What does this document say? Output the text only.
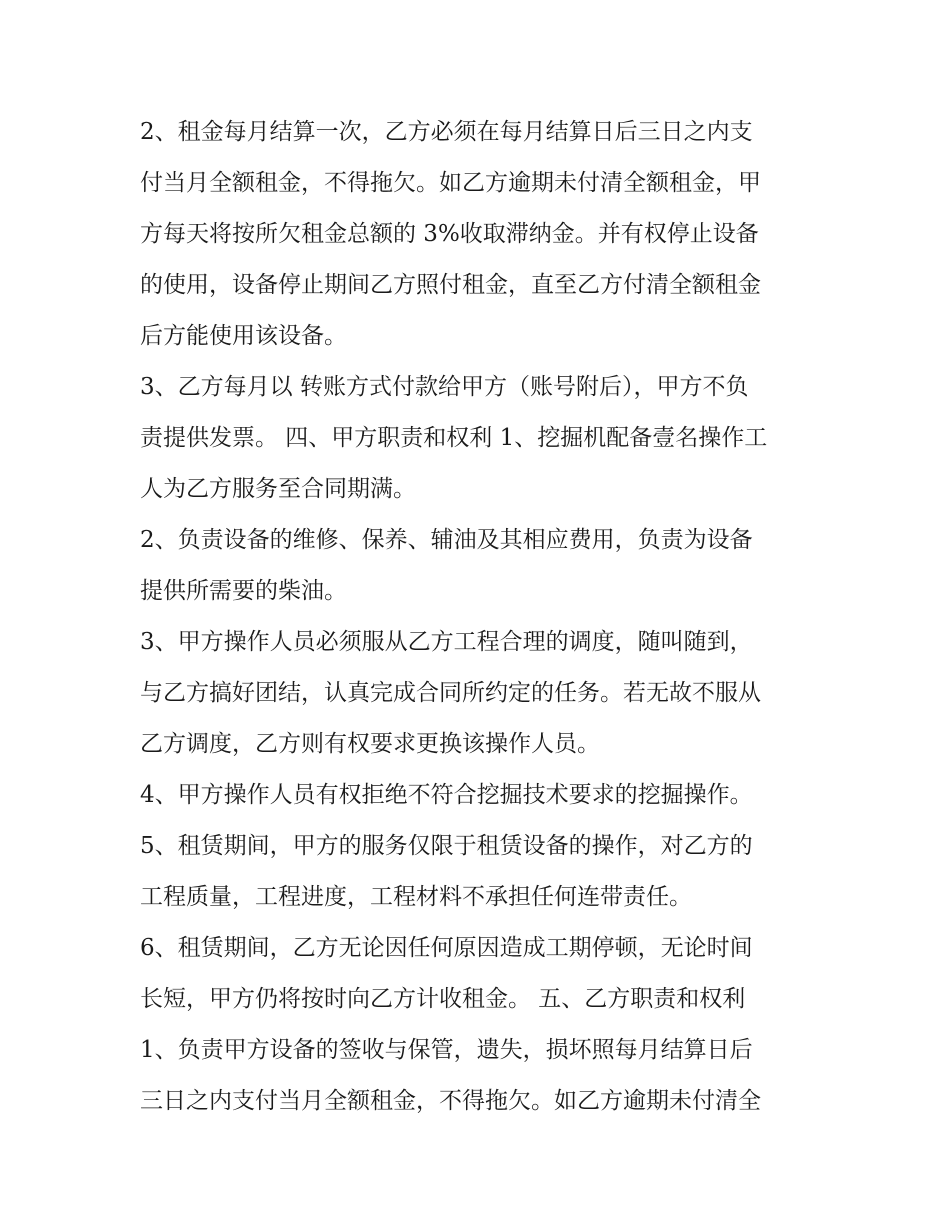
2、租金每月结算一次，乙方必须在每月结算日后三日之内支
付当月全额租金，不得拖欠。如乙方逾期未付清全额租金，甲
方每天将按所欠租金总额的 3%收取滞纳金。并有权停止设备
的使用，设备停止期间乙方照付租金，直至乙方付清全额租金
后方能使用该设备。
3、乙方每月以 转账方式付款给甲方（账号附后），甲方不负
责提供发票。 四、甲方职责和权利 1、挖掘机配备壹名操作工
人为乙方服务至合同期满。
2、负责设备的维修、保养、辅油及其相应费用，负责为设备
提供所需要的柴油。
3、甲方操作人员必须服从乙方工程合理的调度，随叫随到，
与乙方搞好团结，认真完成合同所约定的任务。若无故不服从
乙方调度，乙方则有权要求更换该操作人员。
4、甲方操作人员有权拒绝不符合挖掘技术要求的挖掘操作。
5、租赁期间，甲方的服务仅限于租赁设备的操作，对乙方的
工程质量，工程进度，工程材料不承担任何连带责任。
6、租赁期间，乙方无论因任何原因造成工期停顿，无论时间
长短，甲方仍将按时向乙方计收租金。 五、乙方职责和权利
1、负责甲方设备的签收与保管，遗失，损坏照每月结算日后
三日之内支付当月全额租金，不得拖欠。如乙方逾期未付清全
